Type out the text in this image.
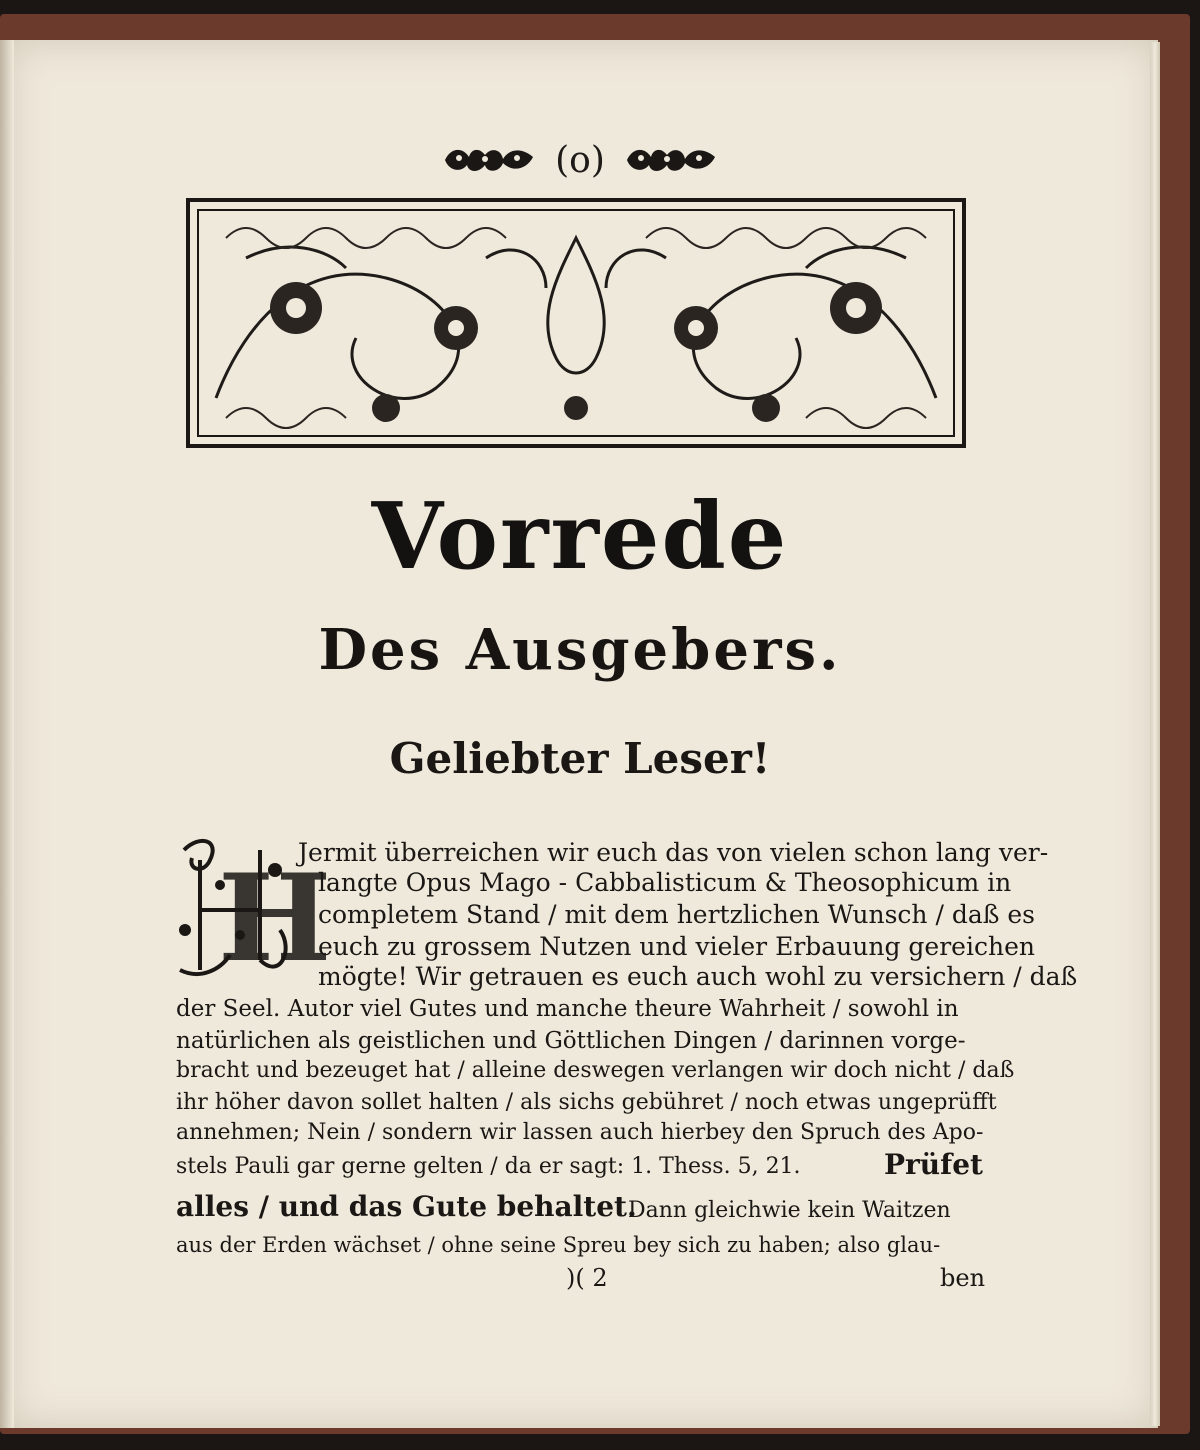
(o)
Vorrede
Des Ausgebers.
Geliebter Leser!
H
Jermit überreichen wir euch das von vielen schon lang ver-
langte Opus Mago - Cabbalisticum & Theosophicum in
completem Stand / mit dem hertzlichen Wunsch / daß es
euch zu grossem Nutzen und vieler Erbauung gereichen
mögte! Wir getrauen es euch auch wohl zu versichern / daß
der Seel. Autor viel Gutes und manche theure Wahrheit / sowohl in
natürlichen als geistlichen und Göttlichen Dingen / darinnen vorge-
bracht und bezeuget hat / alleine deswegen verlangen wir doch nicht / daß
ihr höher davon sollet halten / als sichs gebühret / noch etwas ungeprüfft
annehmen; Nein / sondern wir lassen auch hierbey den Spruch des Apo-
stels Pauli gar gerne gelten / da er sagt: 1. Thess. 5, 21.	Prüfet
alles / und das Gute behaltet.
Dann gleichwie kein Waitzen
aus der Erden wächset / ohne seine Spreu bey sich zu haben; also glau-
)( 2	ben
